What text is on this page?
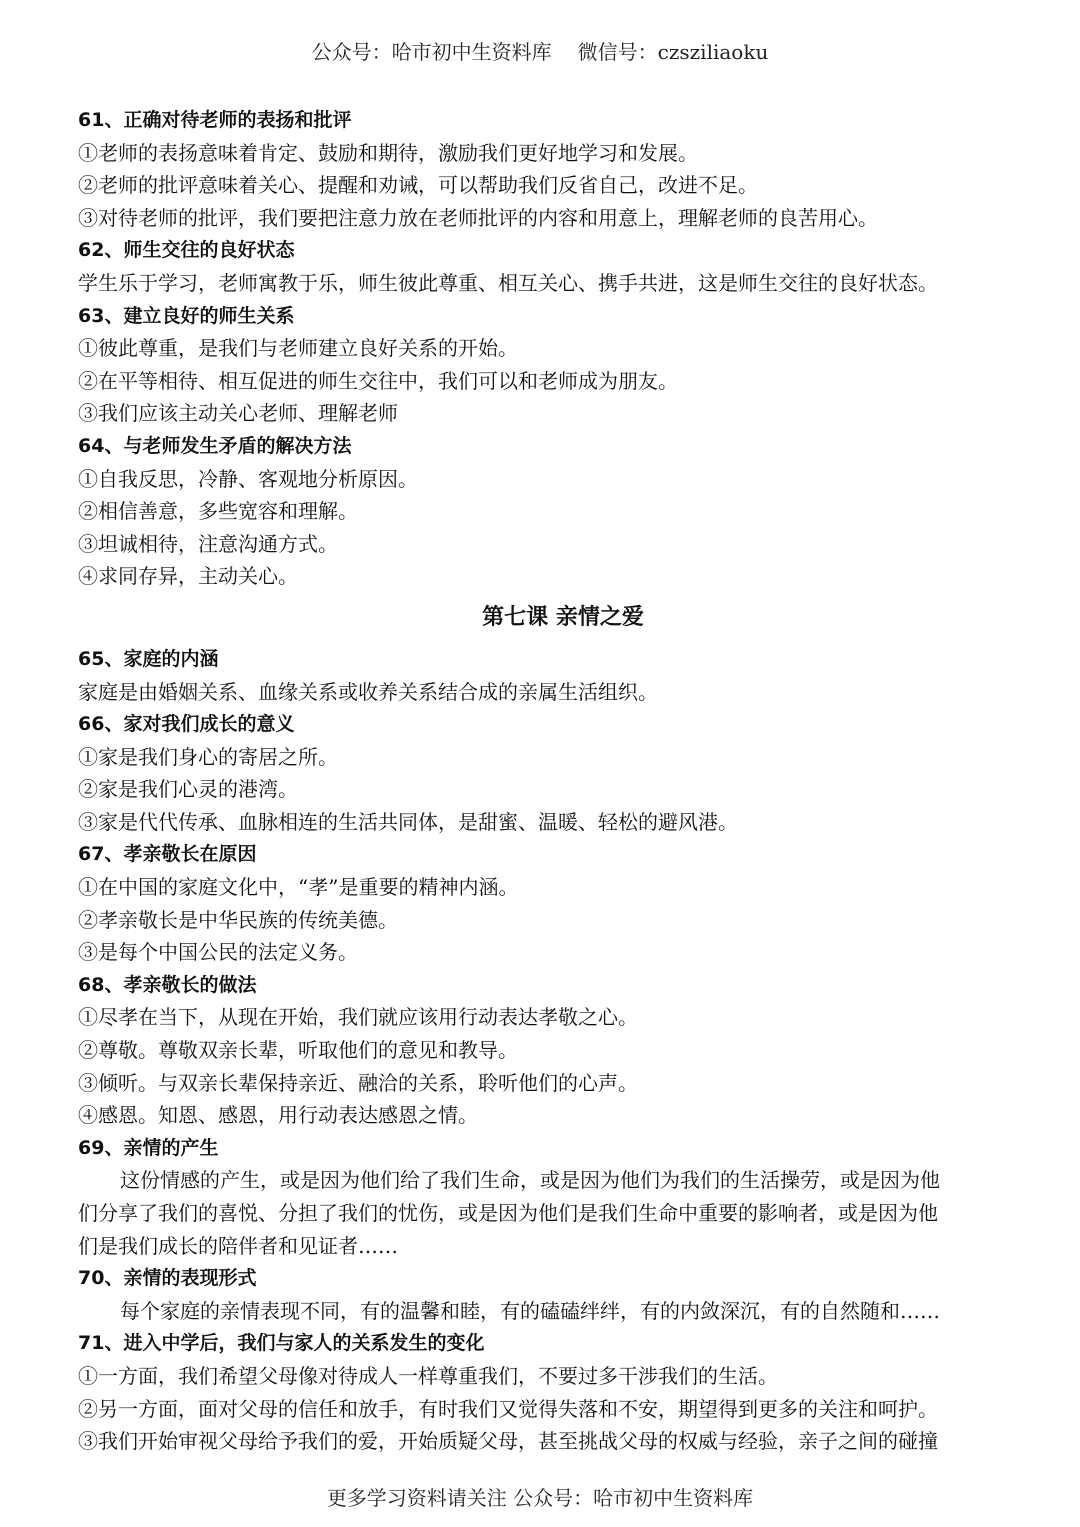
公众号：哈市初中生资料库 微信号：czsziliaoku
61、正确对待老师的表扬和批评
①老师的表扬意味着肯定、鼓励和期待，激励我们更好地学习和发展。
②老师的批评意味着关心、提醒和劝诫，可以帮助我们反省自己，改进不足。
③对待老师的批评，我们要把注意力放在老师批评的内容和用意上，理解老师的良苦用心。
62、师生交往的良好状态
学生乐于学习，老师寓教于乐，师生彼此尊重、相互关心、携手共进，这是师生交往的良好状态。
63、建立良好的师生关系
①彼此尊重，是我们与老师建立良好关系的开始。
②在平等相待、相互促进的师生交往中，我们可以和老师成为朋友。
③我们应该主动关心老师、理解老师
64、与老师发生矛盾的解决方法
①自我反思，冷静、客观地分析原因。
②相信善意，多些宽容和理解。
③坦诚相待，注意沟通方式。
④求同存异，主动关心。
第七课 亲情之爱
65、家庭的内涵
家庭是由婚姻关系、血缘关系或收养关系结合成的亲属生活组织。
66、家对我们成长的意义
①家是我们身心的寄居之所。
②家是我们心灵的港湾。
③家是代代传承、血脉相连的生活共同体，是甜蜜、温暖、轻松的避风港。
67、孝亲敬长在原因
①在中国的家庭文化中，“孝”是重要的精神内涵。
②孝亲敬长是中华民族的传统美德。
③是每个中国公民的法定义务。
68、孝亲敬长的做法
①尽孝在当下，从现在开始，我们就应该用行动表达孝敬之心。
②尊敬。尊敬双亲长辈，听取他们的意见和教导。
③倾听。与双亲长辈保持亲近、融洽的关系，聆听他们的心声。
④感恩。知恩、感恩，用行动表达感恩之情。
69、亲情的产生
这份情感的产生，或是因为他们给了我们生命，或是因为他们为我们的生活操劳，或是因为他
们分享了我们的喜悦、分担了我们的忧伤，或是因为他们是我们生命中重要的影响者，或是因为他
们是我们成长的陪伴者和见证者……
70、亲情的表现形式
每个家庭的亲情表现不同，有的温馨和睦，有的磕磕绊绊，有的内敛深沉，有的自然随和……
71、进入中学后，我们与家人的关系发生的变化
①一方面，我们希望父母像对待成人一样尊重我们，不要过多干涉我们的生活。
②另一方面，面对父母的信任和放手，有时我们又觉得失落和不安，期望得到更多的关注和呵护。
③我们开始审视父母给予我们的爱，开始质疑父母，甚至挑战父母的权威与经验，亲子之间的碰撞
更多学习资料请关注 公众号：哈市初中生资料库
